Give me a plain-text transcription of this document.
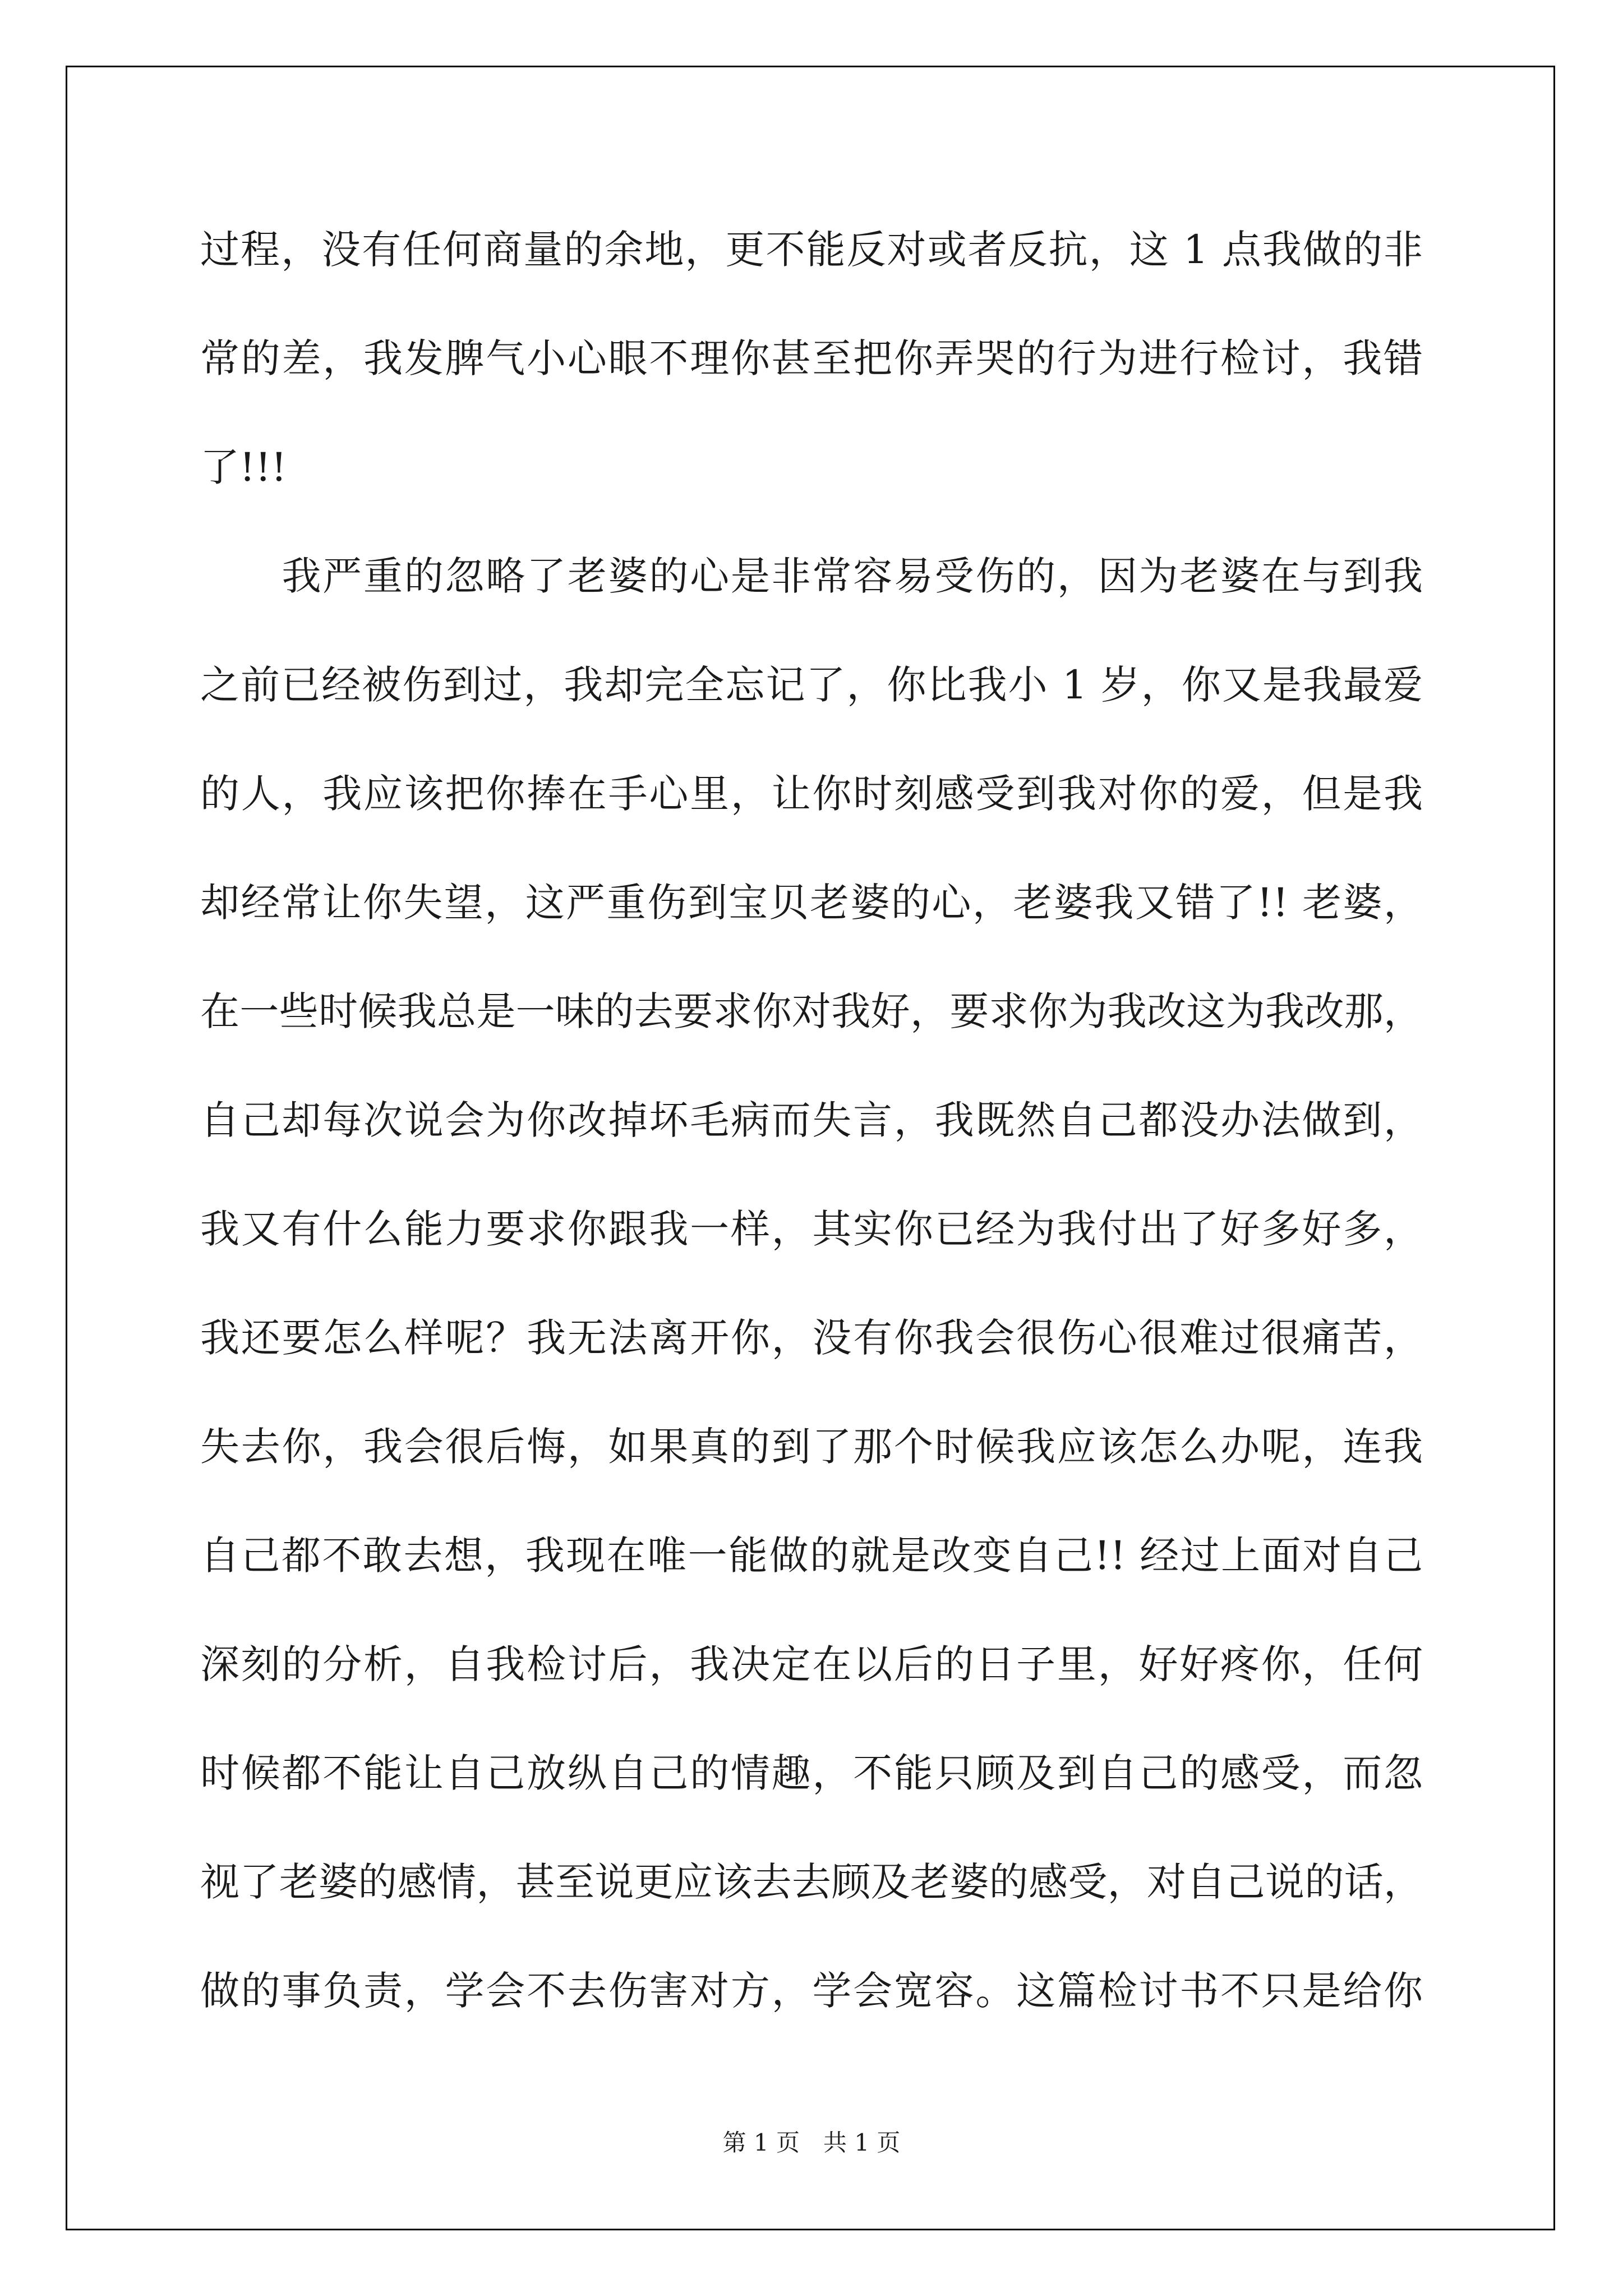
过程，没有任何商量的余地，更不能反对或者反抗，这 1 点我做的非
常的差，我发脾气小心眼不理你甚至把你弄哭的行为进行检讨，我错
了!!!
　　我严重的忽略了老婆的心是非常容易受伤的，因为老婆在与到我
之前已经被伤到过，我却完全忘记了，你比我小 1 岁，你又是我最爱
的人，我应该把你捧在手心里，让你时刻感受到我对你的爱，但是我
却经常让你失望，这严重伤到宝贝老婆的心，老婆我又错了!! 老婆，
在一些时候我总是一味的去要求你对我好，要求你为我改这为我改那，
自己却每次说会为你改掉坏毛病而失言，我既然自己都没办法做到，
我又有什么能力要求你跟我一样，其实你已经为我付出了好多好多，
我还要怎么样呢？我无法离开你，没有你我会很伤心很难过很痛苦，
失去你，我会很后悔，如果真的到了那个时候我应该怎么办呢，连我
自己都不敢去想，我现在唯一能做的就是改变自己!! 经过上面对自己
深刻的分析，自我检讨后，我决定在以后的日子里，好好疼你，任何
时候都不能让自己放纵自己的情趣，不能只顾及到自己的感受，而忽
视了老婆的感情，甚至说更应该去去顾及老婆的感受，对自己说的话，
做的事负责，学会不去伤害对方，学会宽容。这篇检讨书不只是给你
第 1 页　共 1 页
